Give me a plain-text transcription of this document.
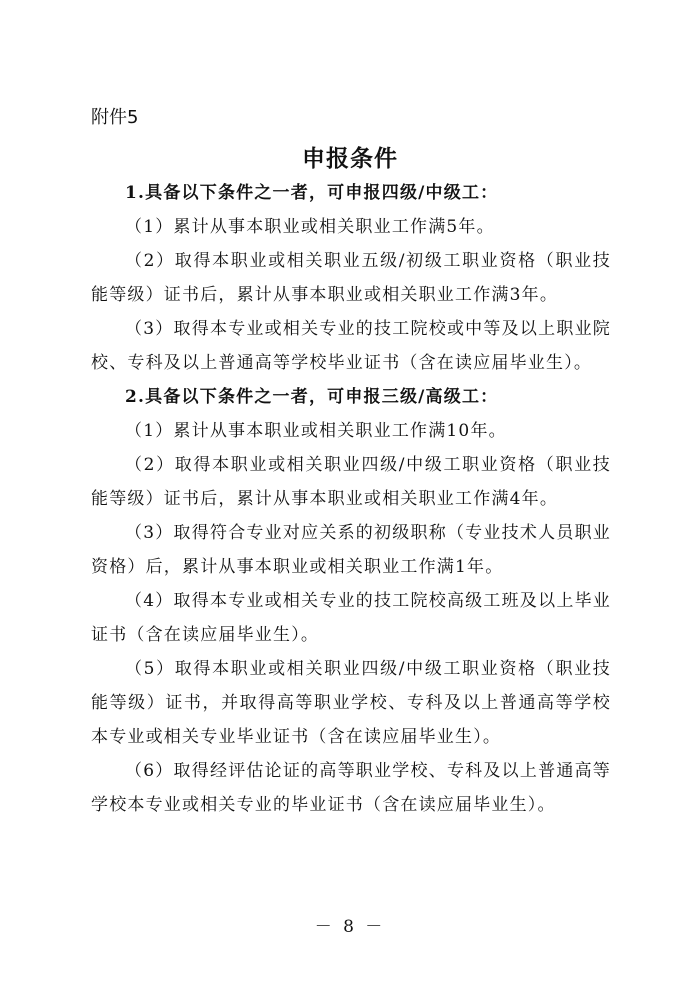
附件5
申报条件

1.具备以下条件之一者，可申报四级/中级工：

（1）累计从事本职业或相关职业工作满5年。

（2）取得本职业或相关职业五级/初级工职业资格（职业技能等级）证书后，累计从事本职业或相关职业工作满3年。

（3）取得本专业或相关专业的技工院校或中等及以上职业院校、专科及以上普通高等学校毕业证书（含在读应届毕业生）。

2.具备以下条件之一者，可申报三级/高级工：

（1）累计从事本职业或相关职业工作满10年。

（2）取得本职业或相关职业四级/中级工职业资格（职业技能等级）证书后，累计从事本职业或相关职业工作满4年。

（3）取得符合专业对应关系的初级职称（专业技术人员职业资格）后，累计从事本职业或相关职业工作满1年。

（4）取得本专业或相关专业的技工院校高级工班及以上毕业证书（含在读应届毕业生）。

（5）取得本职业或相关职业四级/中级工职业资格（职业技能等级）证书，并取得高等职业学校、专科及以上普通高等学校本专业或相关专业毕业证书（含在读应届毕业生）。

（6）取得经评估论证的高等职业学校、专科及以上普通高等学校本专业或相关专业的毕业证书（含在读应届毕业生）。

－ 8 －
